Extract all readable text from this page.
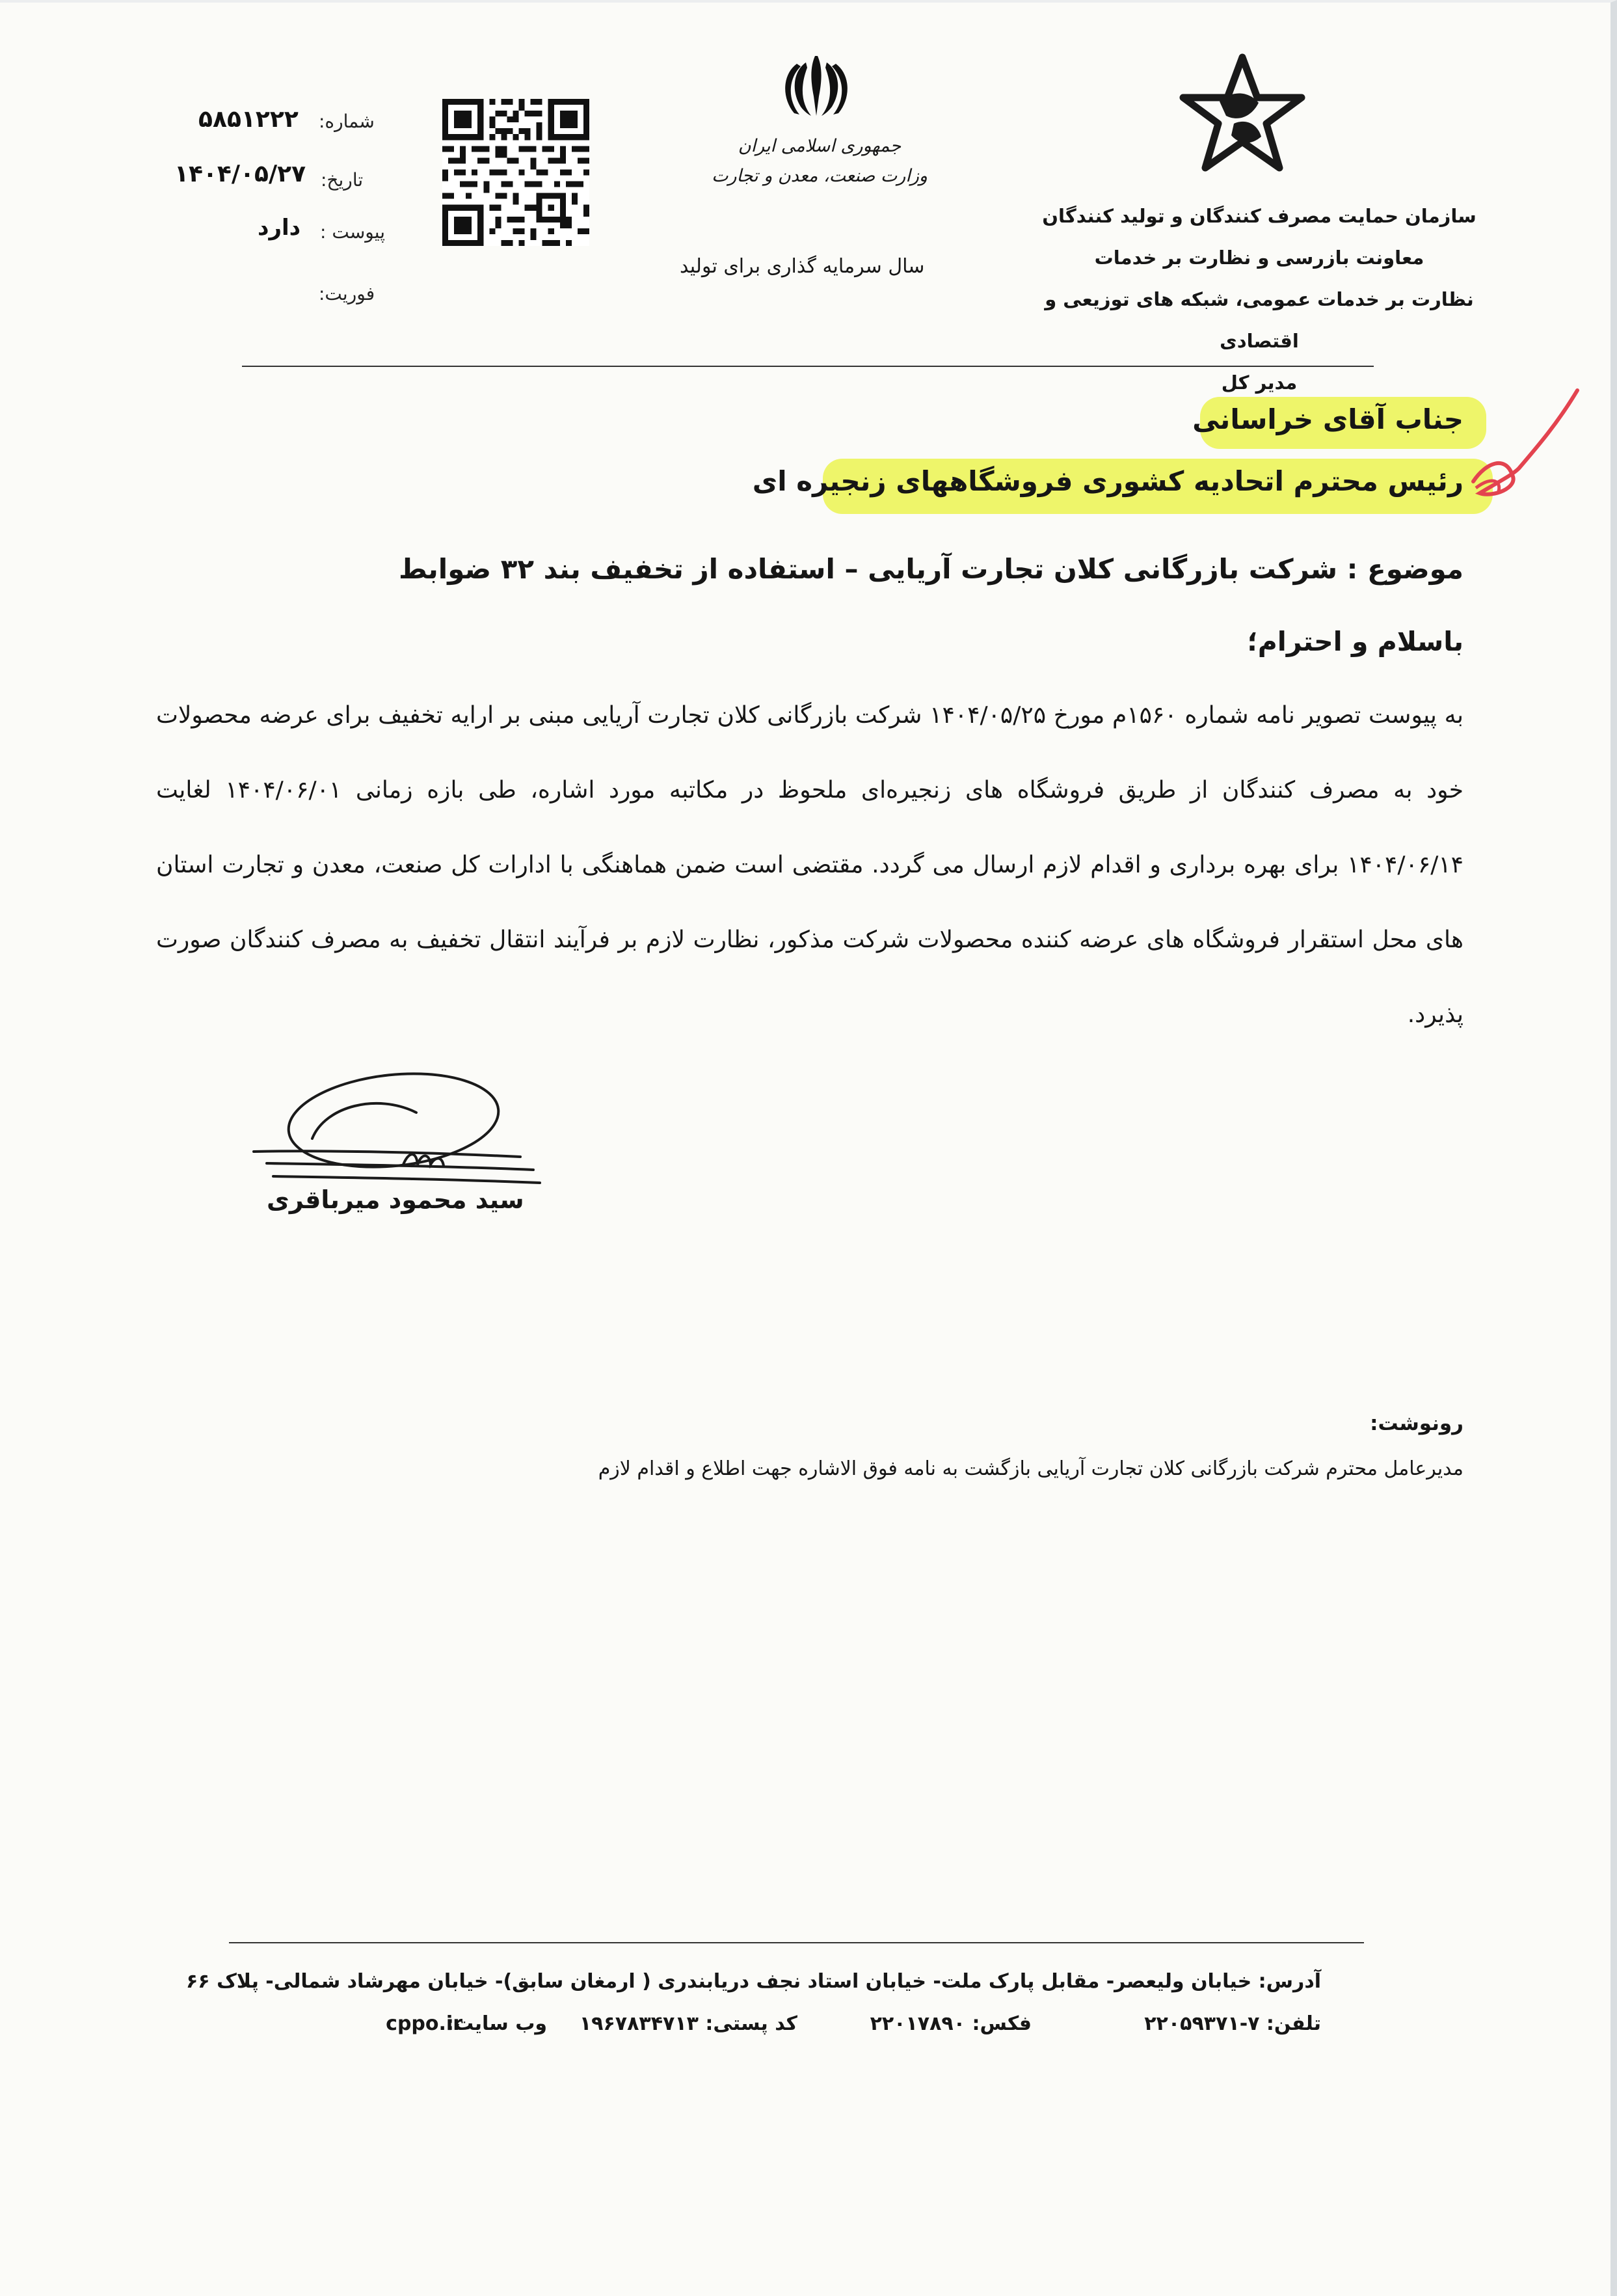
جمهوری اسلامی ایران
وزارت صنعت، معدن و تجارت
سال سرمایه گذاری برای تولید
شماره:
۵۸۵۱۲۲۲
تاریخ:
۱۴۰۴/۰۵/۲۷
پیوست :
دارد
فوریت:
سازمان حمایت مصرف کنندگان و تولید کنندگان
معاونت بازرسی و نظارت بر خدمات
نظارت بر خدمات عمومی، شبکه های توزیعی و اقتصادی
مدیر کل
جناب آقای خراسانی
رئیس محترم اتحادیه کشوری فروشگاههای زنجیره ای
موضوع : شرکت بازرگانی کلان تجارت آریایی – استفاده از تخفیف بند ۳۲ ضوابط
باسلام و احترام؛
به پیوست تصویر نامه شماره ۱۵۶۰م مورخ ۱۴۰۴/۰۵/۲۵ شرکت بازرگانی کلان تجارت آریایی مبنی بر ارایه تخفیف برای عرضه محصولات خود به مصرف کنندگان از طریق فروشگاه های زنجیره‌ای ملحوظ در مکاتبه مورد اشاره، طی بازه زمانی ۱۴۰۴/۰۶/۰۱ لغایت ۱۴۰۴/۰۶/۱۴ برای بهره برداری و اقدام لازم ارسال می گردد. مقتضی است ضمن هماهنگی با ادارات کل صنعت، معدن و تجارت استان های محل استقرار فروشگاه های عرضه کننده محصولات شرکت مذکور، نظارت لازم بر فرآیند انتقال تخفیف به مصرف کنندگان صورت پذیرد.
سید محمود میرباقری
رونوشت:
مدیرعامل محترم شرکت بازرگانی کلان تجارت آریایی بازگشت به نامه فوق الاشاره جهت اطلاع و اقدام لازم
آدرس: خیابان ولیعصر- مقابل پارک ملت- خیابان استاد نجف دریابندری ( ارمغان سابق)- خیابان مهرشاد شمالی- پلاک ۶۶
تلفن: ۷-۲۲۰۵۹۳۷۱
فکس: ۲۲۰۱۷۸۹۰
کد پستی: ۱۹۶۷۸۳۴۷۱۳
وب سایت:
cppo.ir
